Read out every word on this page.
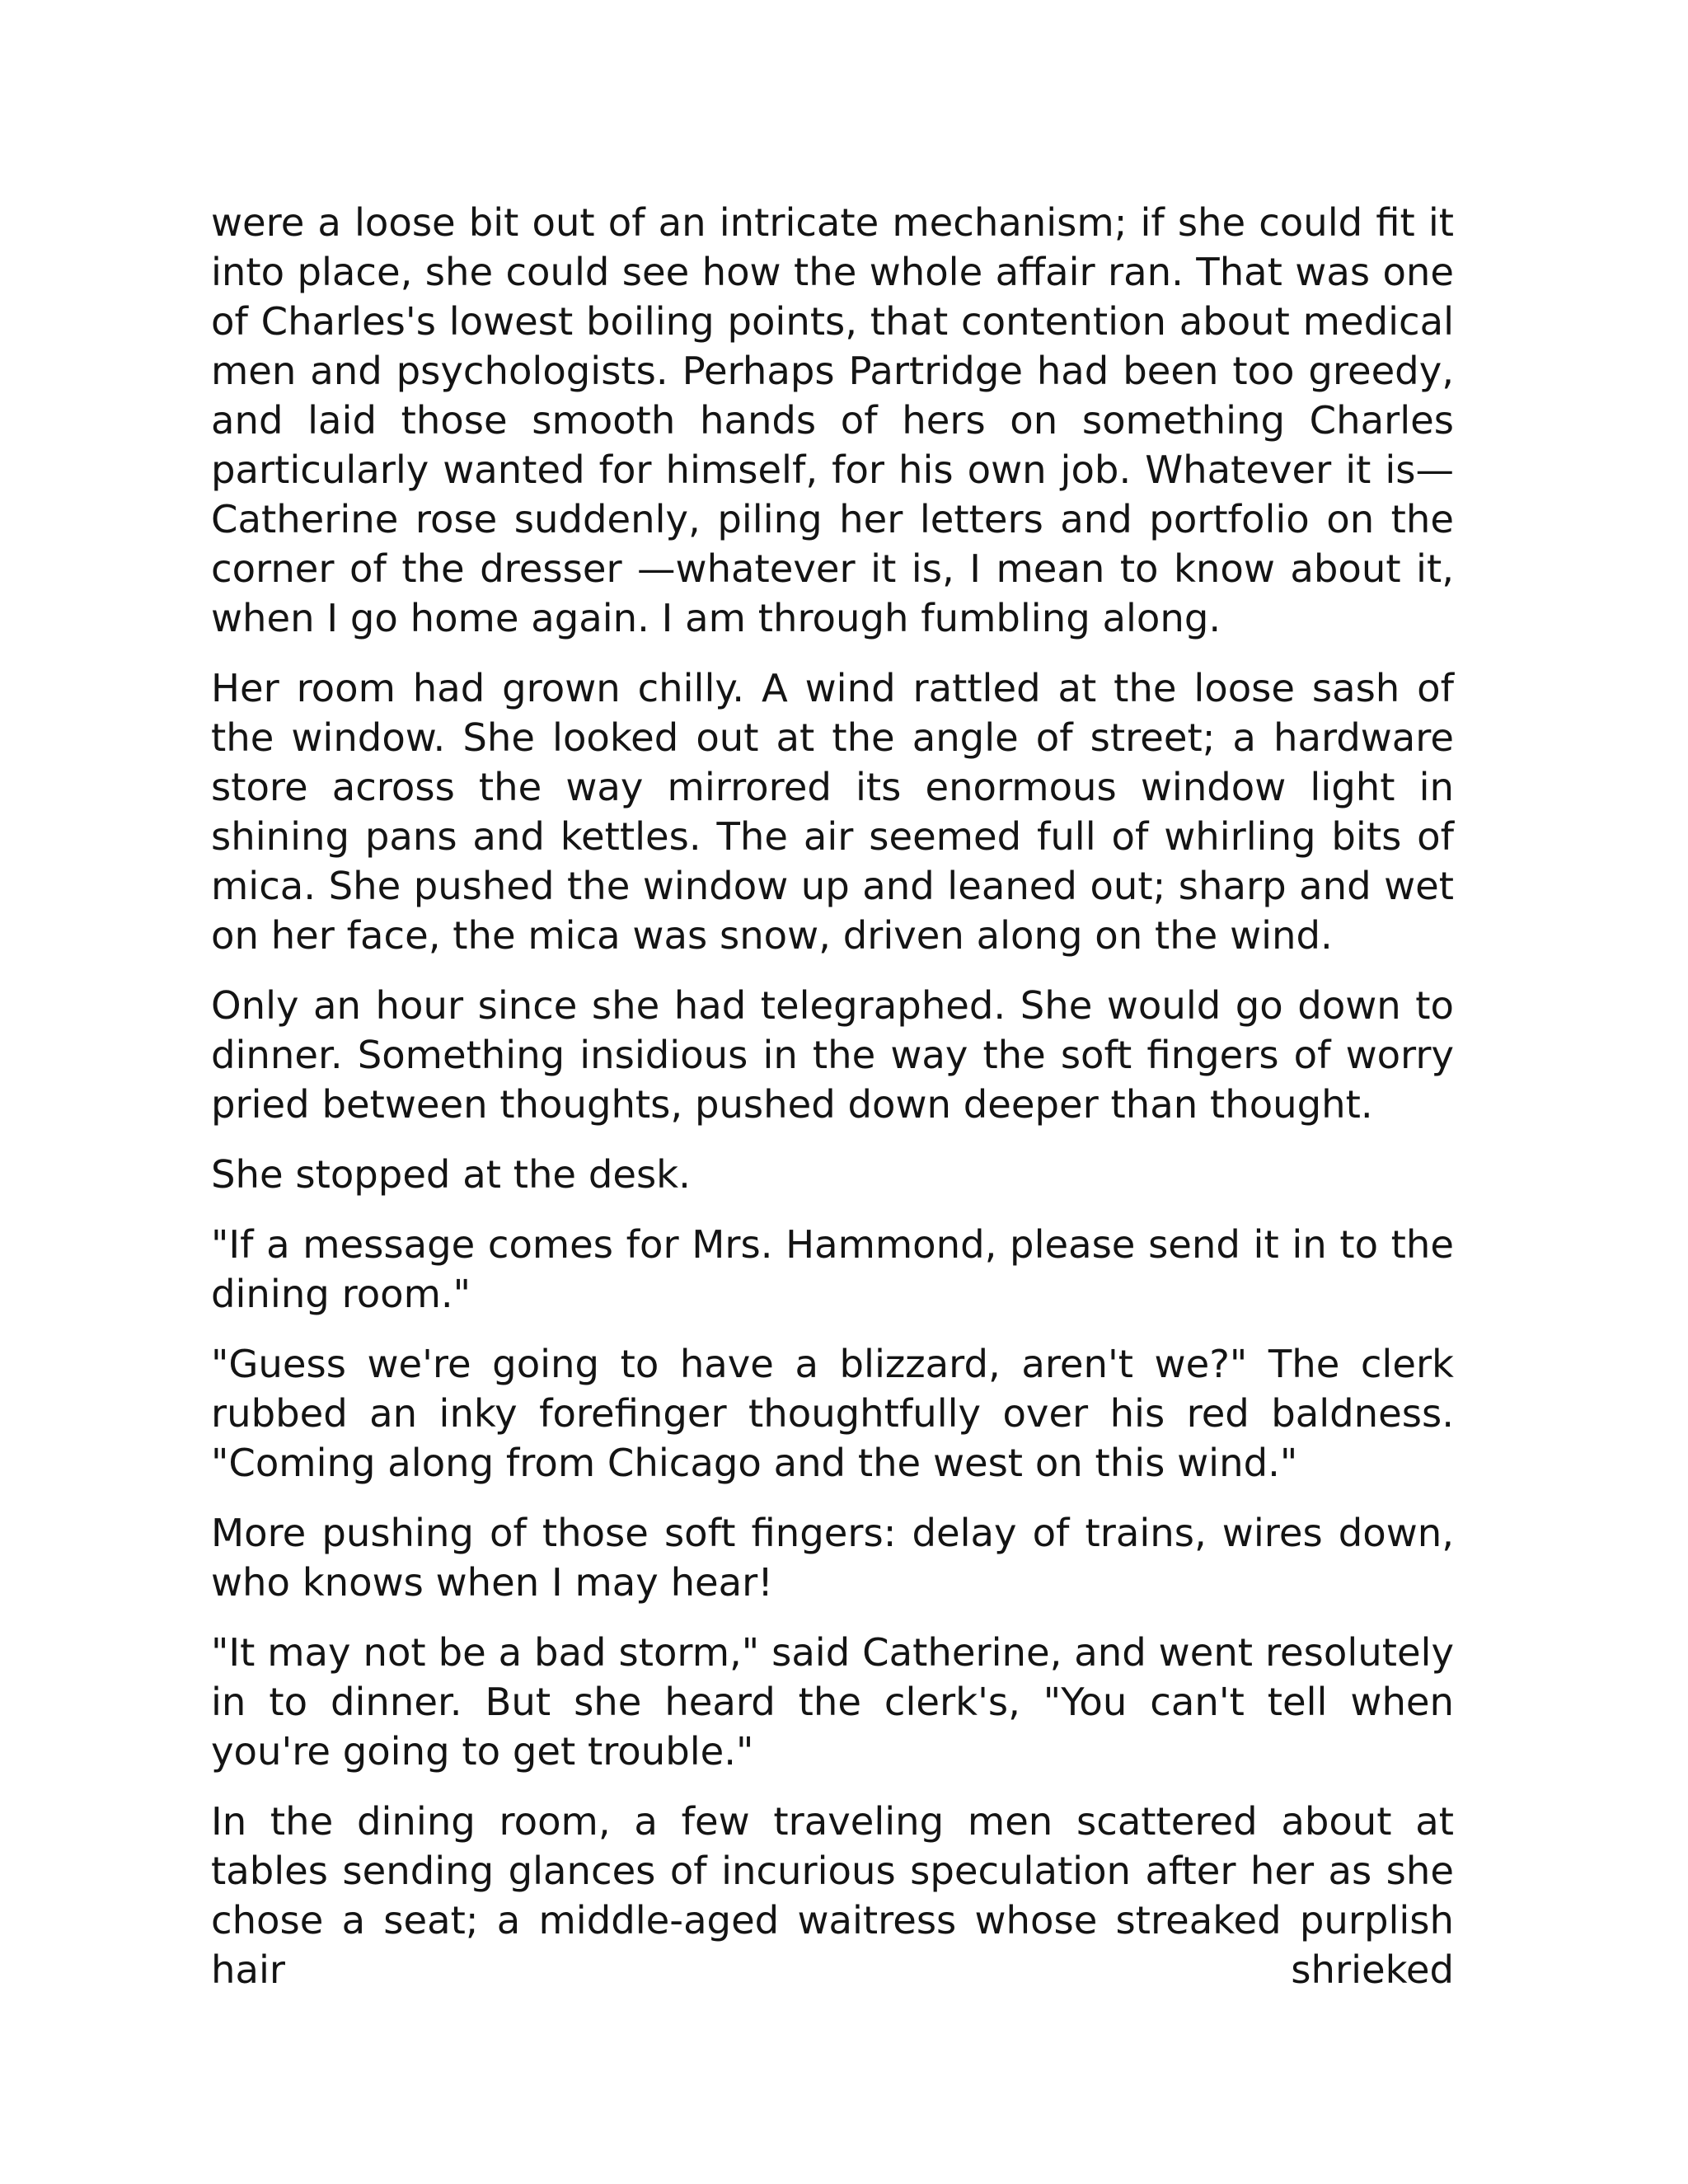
were a loose bit out of an intricate mechanism; if she could fit it into place, she could see how the whole affair ran. That was one of Charles's lowest boiling points, that contention about medical men and psychologists. Perhaps Partridge had been too greedy, and laid those smooth hands of hers on something Charles particularly wanted for himself, for his own job. Whatever it is—Catherine rose suddenly, piling her letters and portfolio on the corner of the dresser —whatever it is, I mean to know about it, when I go home again. I am through fumbling along.

Her room had grown chilly. A wind rattled at the loose sash of the window. She looked out at the angle of street; a hardware store across the way mirrored its enormous window light in shining pans and kettles. The air seemed full of whirling bits of mica. She pushed the window up and leaned out; sharp and wet on her face, the mica was snow, driven along on the wind.

Only an hour since she had telegraphed. She would go down to dinner. Something insidious in the way the soft fingers of worry pried between thoughts, pushed down deeper than thought.

She stopped at the desk.

"If a message comes for Mrs. Hammond, please send it in to the dining room."

"Guess we're going to have a blizzard, aren't we?" The clerk rubbed an inky forefinger thoughtfully over his red baldness. "Coming along from Chicago and the west on this wind."

More pushing of those soft fingers: delay of trains, wires down, who knows when I may hear!

"It may not be a bad storm," said Catherine, and went resolutely in to dinner. But she heard the clerk's, "You can't tell when you're going to get trouble."

In the dining room, a few traveling men scattered about at tables sending glances of incurious speculation after her as she chose a seat; a middle-aged waitress whose streaked purplish hair shrieked
